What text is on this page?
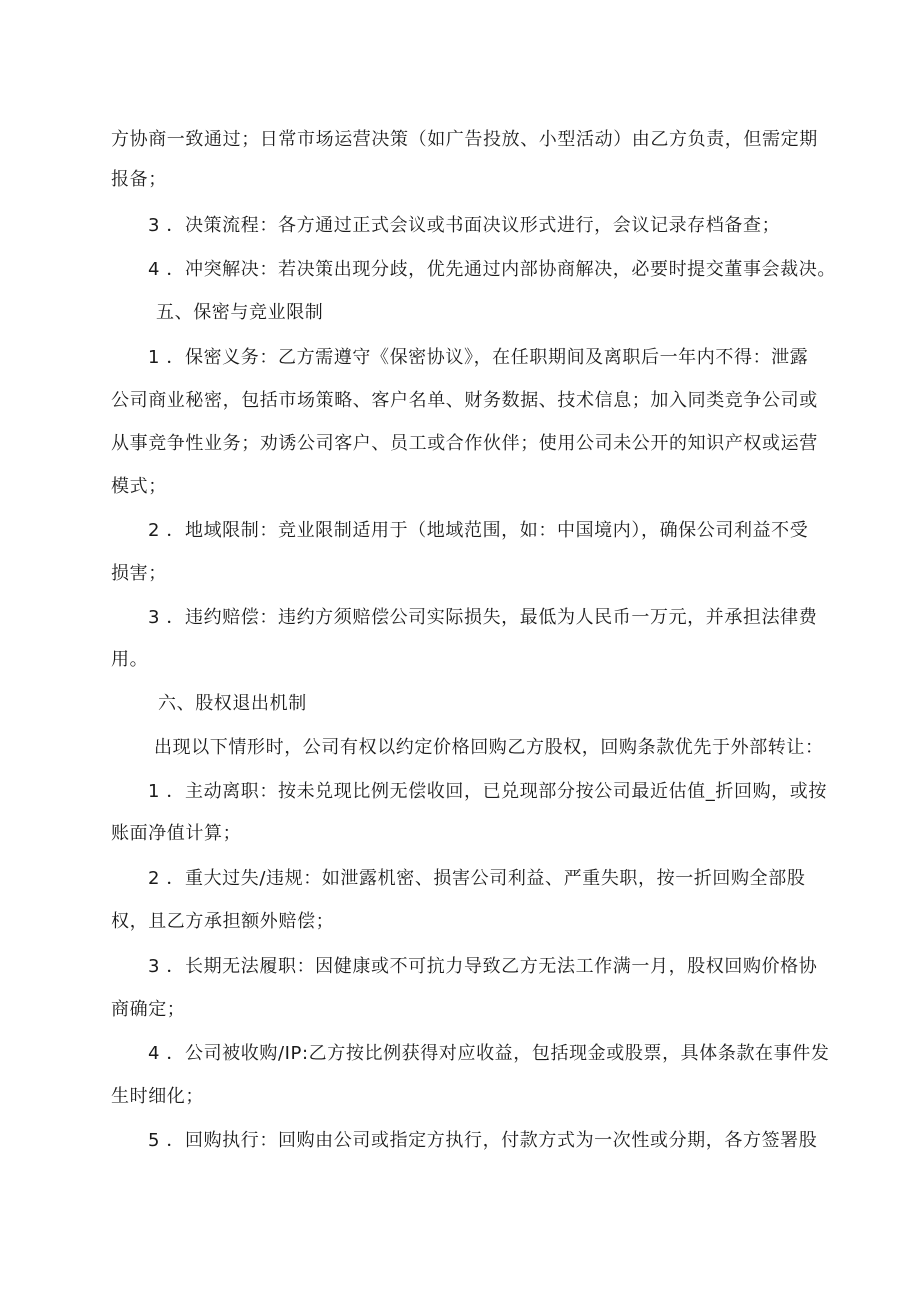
方协商一致通过；日常市场运营决策（如广告投放、小型活动）由乙方负责，但需定期
报备；
3 ．决策流程：各方通过正式会议或书面决议形式进行，会议记录存档备查；
4 ．冲突解决：若决策出现分歧，优先通过内部协商解决，必要时提交董事会裁决。
五、保密与竞业限制
1 ．保密义务：乙方需遵守《保密协议》，在任职期间及离职后一年内不得：泄露
公司商业秘密，包括市场策略、客户名单、财务数据、技术信息；加入同类竞争公司或
从事竞争性业务；劝诱公司客户、员工或合作伙伴；使用公司未公开的知识产权或运营
模式；
2 ．地域限制：竞业限制适用于（地域范围，如：中国境内），确保公司利益不受
损害；
3 ．违约赔偿：违约方须赔偿公司实际损失，最低为人民币一万元，并承担法律费
用。
六、股权退出机制
出现以下情形时，公司有权以约定价格回购乙方股权，回购条款优先于外部转让：
1 ．主动离职：按未兑现比例无偿收回，已兑现部分按公司最近估值_折回购，或按
账面净值计算；
2 ．重大过失/违规：如泄露机密、损害公司利益、严重失职，按一折回购全部股
权，且乙方承担额外赔偿；
3 ．长期无法履职：因健康或不可抗力导致乙方无法工作满一月，股权回购价格协
商确定；
4 ．公司被收购/IP:乙方按比例获得对应收益，包括现金或股票，具体条款在事件发
生时细化；
5 ．回购执行：回购由公司或指定方执行，付款方式为一次性或分期，各方签署股
